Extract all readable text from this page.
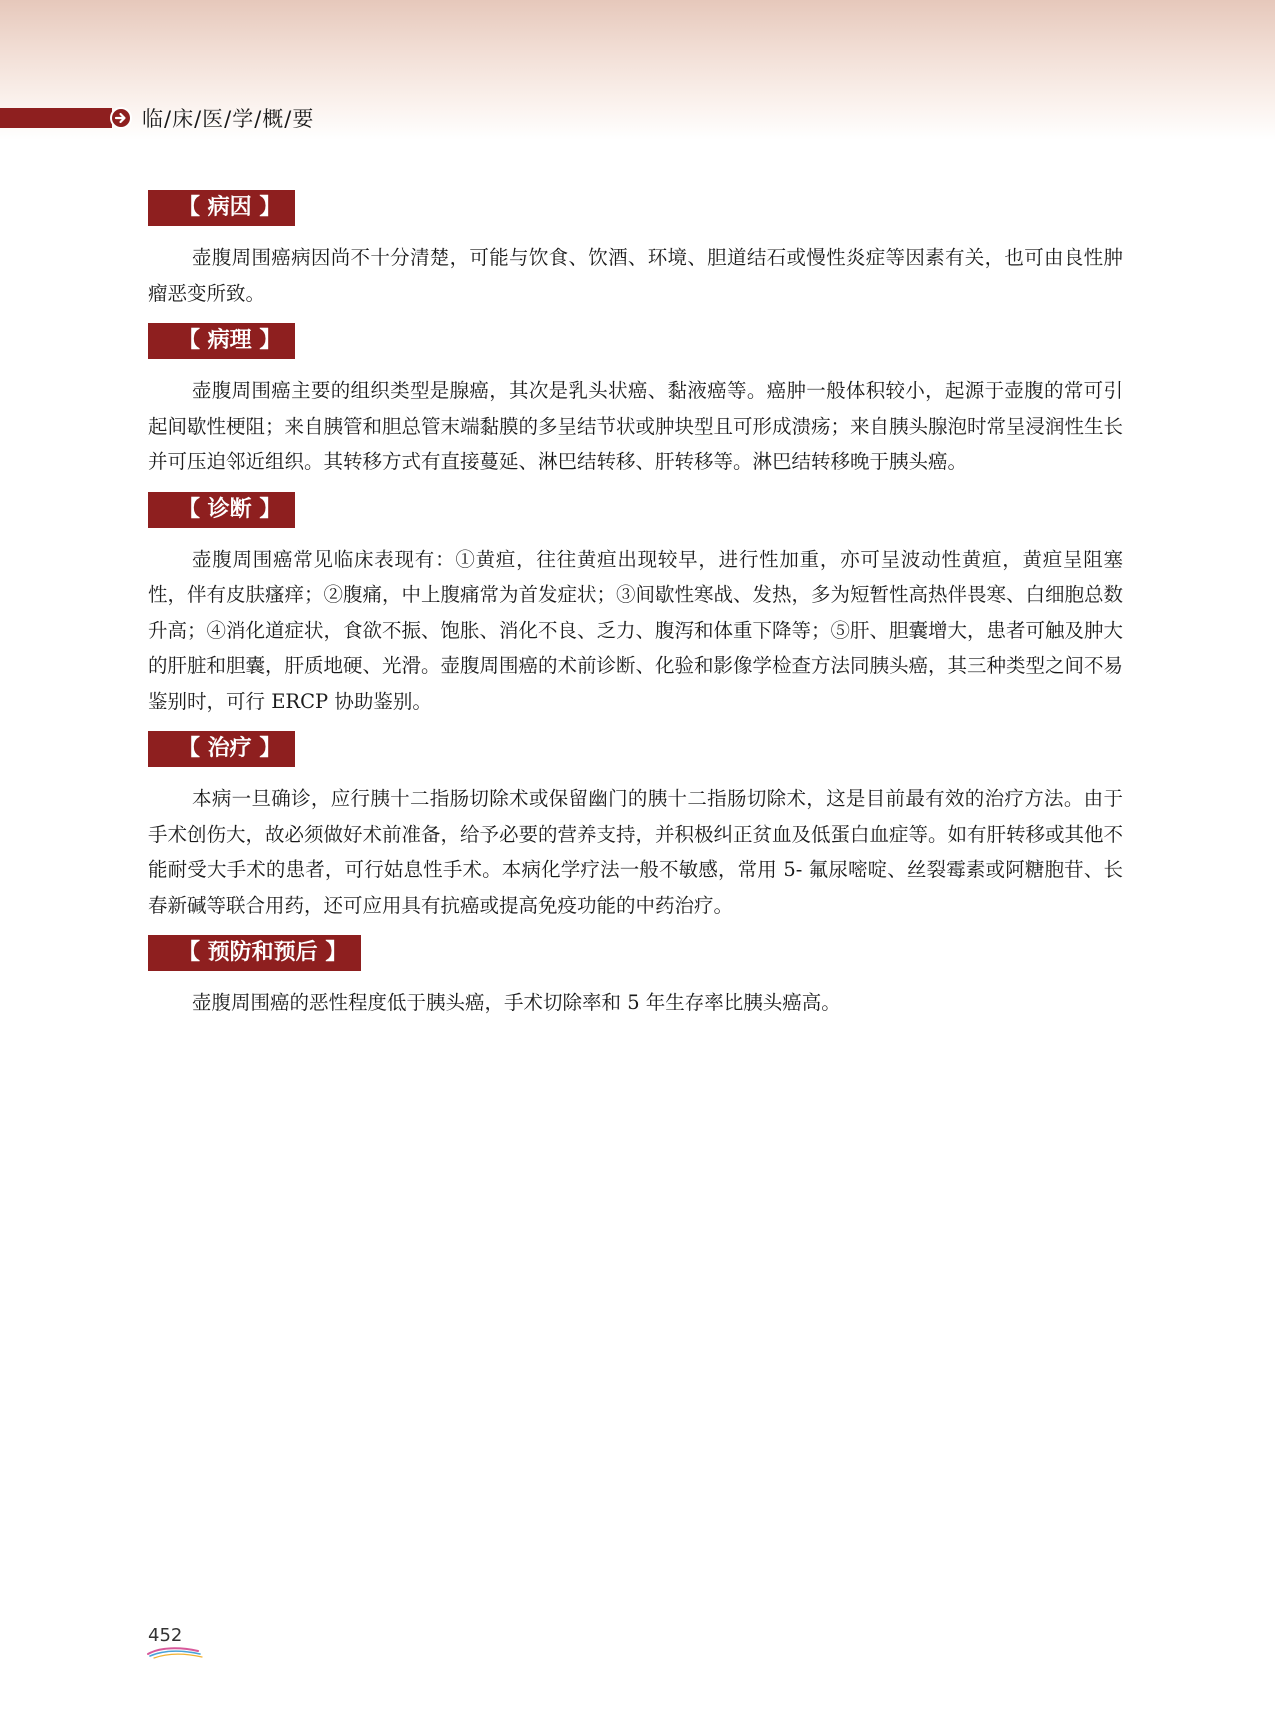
临/床/医/学/概/要
【 病因 】

壶腹周围癌病因尚不十分清楚，可能与饮食、饮酒、环境、胆道结石或慢性炎症等因素有关，也可由良性肿瘤恶变所致。

【 病理 】

壶腹周围癌主要的组织类型是腺癌，其次是乳头状癌、黏液癌等。癌肿一般体积较小，起源于壶腹的常可引起间歇性梗阻；来自胰管和胆总管末端黏膜的多呈结节状或肿块型且可形成溃疡；来自胰头腺泡时常呈浸润性生长并可压迫邻近组织。其转移方式有直接蔓延、淋巴结转移、肝转移等。淋巴结转移晚于胰头癌。

【 诊断 】

壶腹周围癌常见临床表现有：①黄疸，往往黄疸出现较早，进行性加重，亦可呈波动性黄疸，黄疸呈阻塞性，伴有皮肤瘙痒；②腹痛，中上腹痛常为首发症状；③间歇性寒战、发热，多为短暂性高热伴畏寒、白细胞总数升高；④消化道症状，食欲不振、饱胀、消化不良、乏力、腹泻和体重下降等；⑤肝、胆囊增大，患者可触及肿大的肝脏和胆囊，肝质地硬、光滑。壶腹周围癌的术前诊断、化验和影像学检查方法同胰头癌，其三种类型之间不易鉴别时，可行 ERCP 协助鉴别。

【 治疗 】

本病一旦确诊，应行胰十二指肠切除术或保留幽门的胰十二指肠切除术，这是目前最有效的治疗方法。由于手术创伤大，故必须做好术前准备，给予必要的营养支持，并积极纠正贫血及低蛋白血症等。如有肝转移或其他不能耐受大手术的患者，可行姑息性手术。本病化学疗法一般不敏感，常用 5- 氟尿嘧啶、丝裂霉素或阿糖胞苷、长春新碱等联合用药，还可应用具有抗癌或提高免疫功能的中药治疗。

【 预防和预后 】

壶腹周围癌的恶性程度低于胰头癌，手术切除率和 5 年生存率比胰头癌高。

452
